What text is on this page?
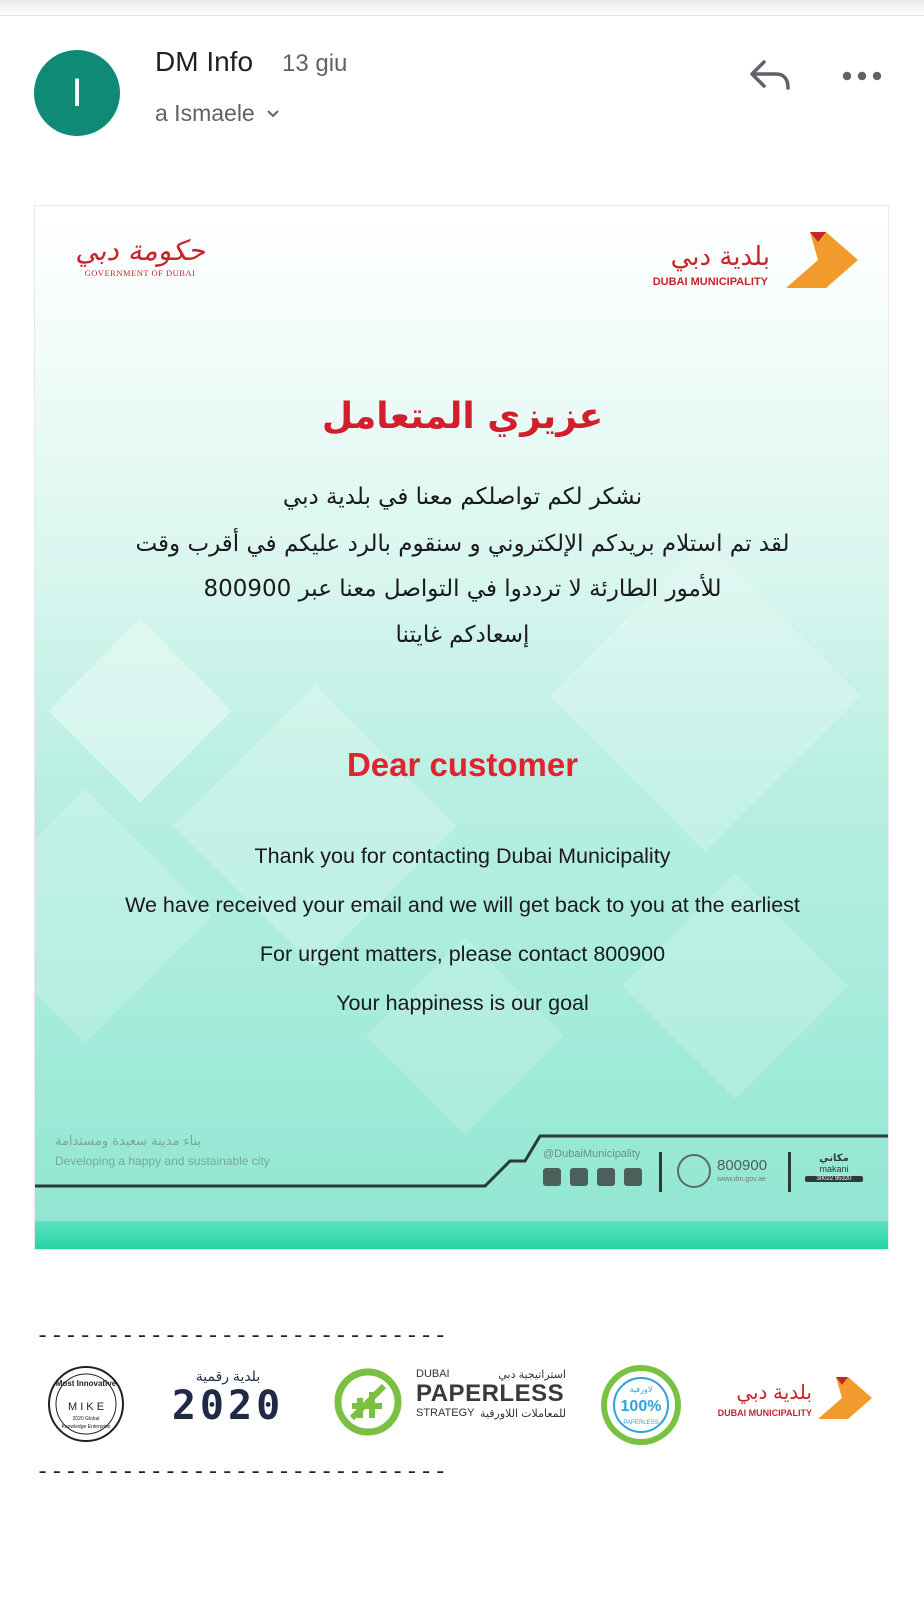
I
DM Info 13 giu
a Ismaele
حكومة دبي
GOVERNMENT OF DUBAI
بلدية دبي
DUBAI MUNICIPALITY
عزيزي المتعامل
نشكر لكم تواصلكم معنا في بلدية دبي
لقد تم استلام بريدكم الإلكتروني و سنقوم بالرد عليكم في أقرب وقت
للأمور الطارئة لا ترددوا في التواصل معنا عبر 800900
إسعادكم غايتنا
Dear customer
Thank you for contacting Dubai Municipality
We have received your email and we will get back to you at the earliest
For urgent matters, please contact 800900
Your happiness is our goal
بناء مدينة سعيدة ومستدامة
Developing a happy and sustainable city	@DubaiMunicipality
800900
www.dm.gov.ae
مكاني
makani
30022 95320
-----------------------------
Most Innovative
M I K E
2020 Global
Knowledge Enterprise
بلدية رقمية
2020
DUBAI	استراتيجية دبي
PAPERLESS
STRATEGY للمعاملات اللاورقية
لاورقية
100%
PAPERLESS
بلدية دبي
DUBAI MUNICIPALITY
-----------------------------
